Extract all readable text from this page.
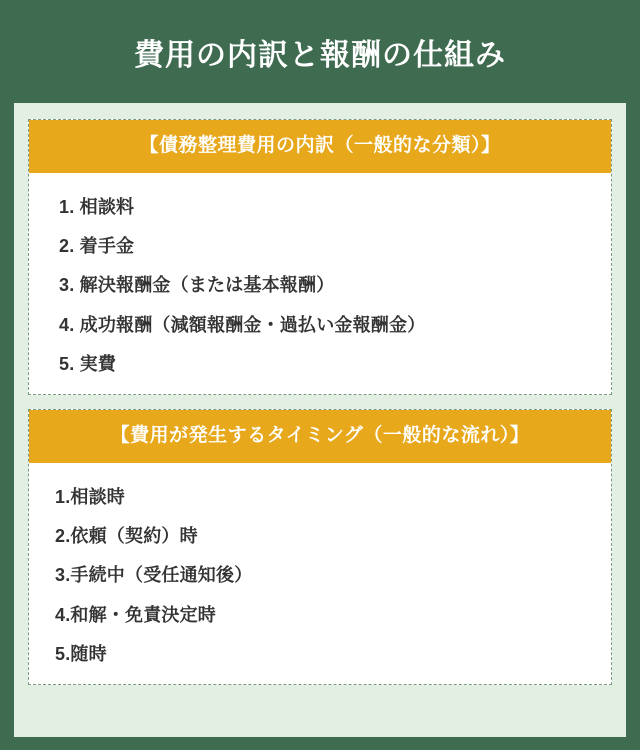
費用の内訳と報酬の仕組み
【債務整理費用の内訳（一般的な分類）】
1. 相談料
2. 着手金
3. 解決報酬金（または基本報酬）
4. 成功報酬（減額報酬金・過払い金報酬金）
5. 実費
【費用が発生するタイミング（一般的な流れ）】
1.相談時
2.依頼（契約）時
3.手続中（受任通知後）
4.和解・免責決定時
5.随時
